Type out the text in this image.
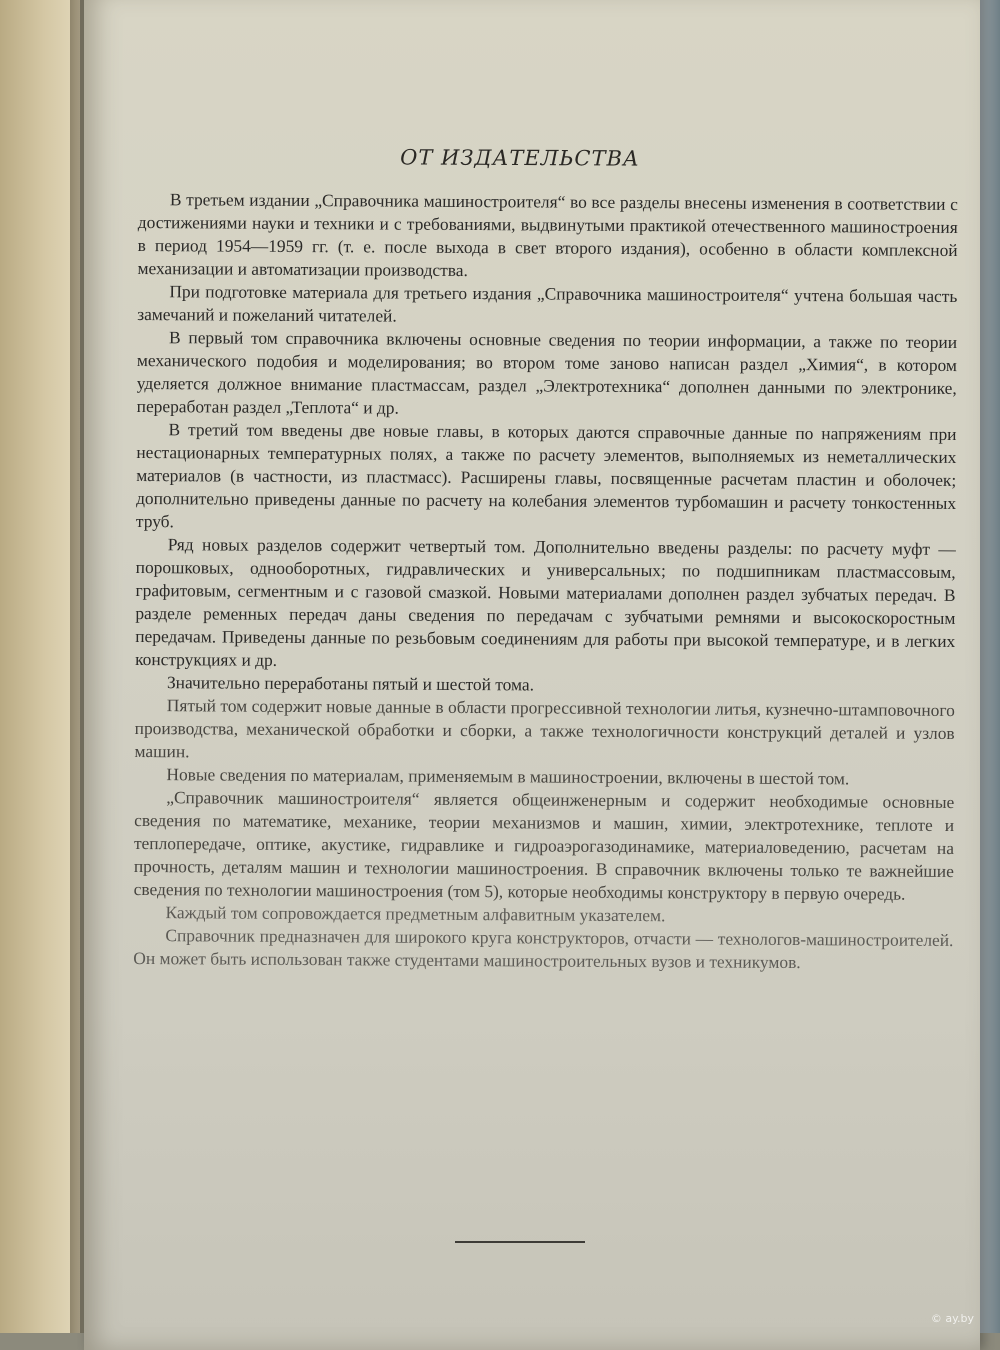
ОТ ИЗДАТЕЛЬСТВА

В третьем издании „Справочника машиностроителя“ во все разделы внесены изменения в соответствии с достижениями науки и техники и с требованиями, выдвинутыми практикой отечественного машиностроения в период 1954—1959 гг. (т. е. после выхода в свет второго издания), особенно в области комплексной механизации и автоматизации производства.

При подготовке материала для третьего издания „Справочника машиностроителя“ учтена большая часть замечаний и пожеланий читателей.

В первый том справочника включены основные сведения по теории информации, а также по теории механического подобия и моделирования; во втором томе заново написан раздел „Химия“, в котором уделяется должное внимание пластмассам, раздел „Электротехника“ дополнен данными по электронике, переработан раздел „Теплота“ и др.

В третий том введены две новые главы, в которых даются справочные данные по напряжениям при нестационарных температурных полях, а также по расчету элементов, выполняемых из неметаллических материалов (в частности, из пластмасс). Расширены главы, посвященные расчетам пластин и оболочек; дополнительно приведены данные по расчету на колебания элементов турбомашин и расчету тонкостенных труб.

Ряд новых разделов содержит четвертый том. Дополнительно введены разделы: по расчету муфт — порошковых, однооборотных, гидравлических и универсальных; по подшипникам пластмассовым, графитовым, сегментным и с газовой смазкой. Новыми материалами дополнен раздел зубчатых передач. В разделе ременных передач даны сведения по передачам с зубчатыми ремнями и высокоскоростным передачам. Приведены данные по резьбовым соединениям для работы при высокой температуре, и в легких конструкциях и др.

Значительно переработаны пятый и шестой тома.

Пятый том содержит новые данные в области прогрессивной технологии литья, кузнечно-штамповочного производства, механической обработки и сборки, а также технологичности конструкций деталей и узлов машин.

Новые сведения по материалам, применяемым в машиностроении, включены в шестой том.

„Справочник машиностроителя“ является общеинженерным и содержит необходимые основные сведения по математике, механике, теории механизмов и машин, химии, электротехнике, теплоте и теплопередаче, оптике, акустике, гидравлике и гидроаэрогазодинамике, материаловедению, расчетам на прочность, деталям машин и технологии машиностроения. В справочник включены только те важнейшие сведения по технологии машиностроения (том 5), которые необходимы конструктору в первую очередь.

Каждый том сопровождается предметным алфавитным указателем.

Справочник предназначен для широкого круга конструкторов, отчасти — технологов-машиностроителей. Он может быть использован также студентами машиностроительных вузов и техникумов.

© ay.by
